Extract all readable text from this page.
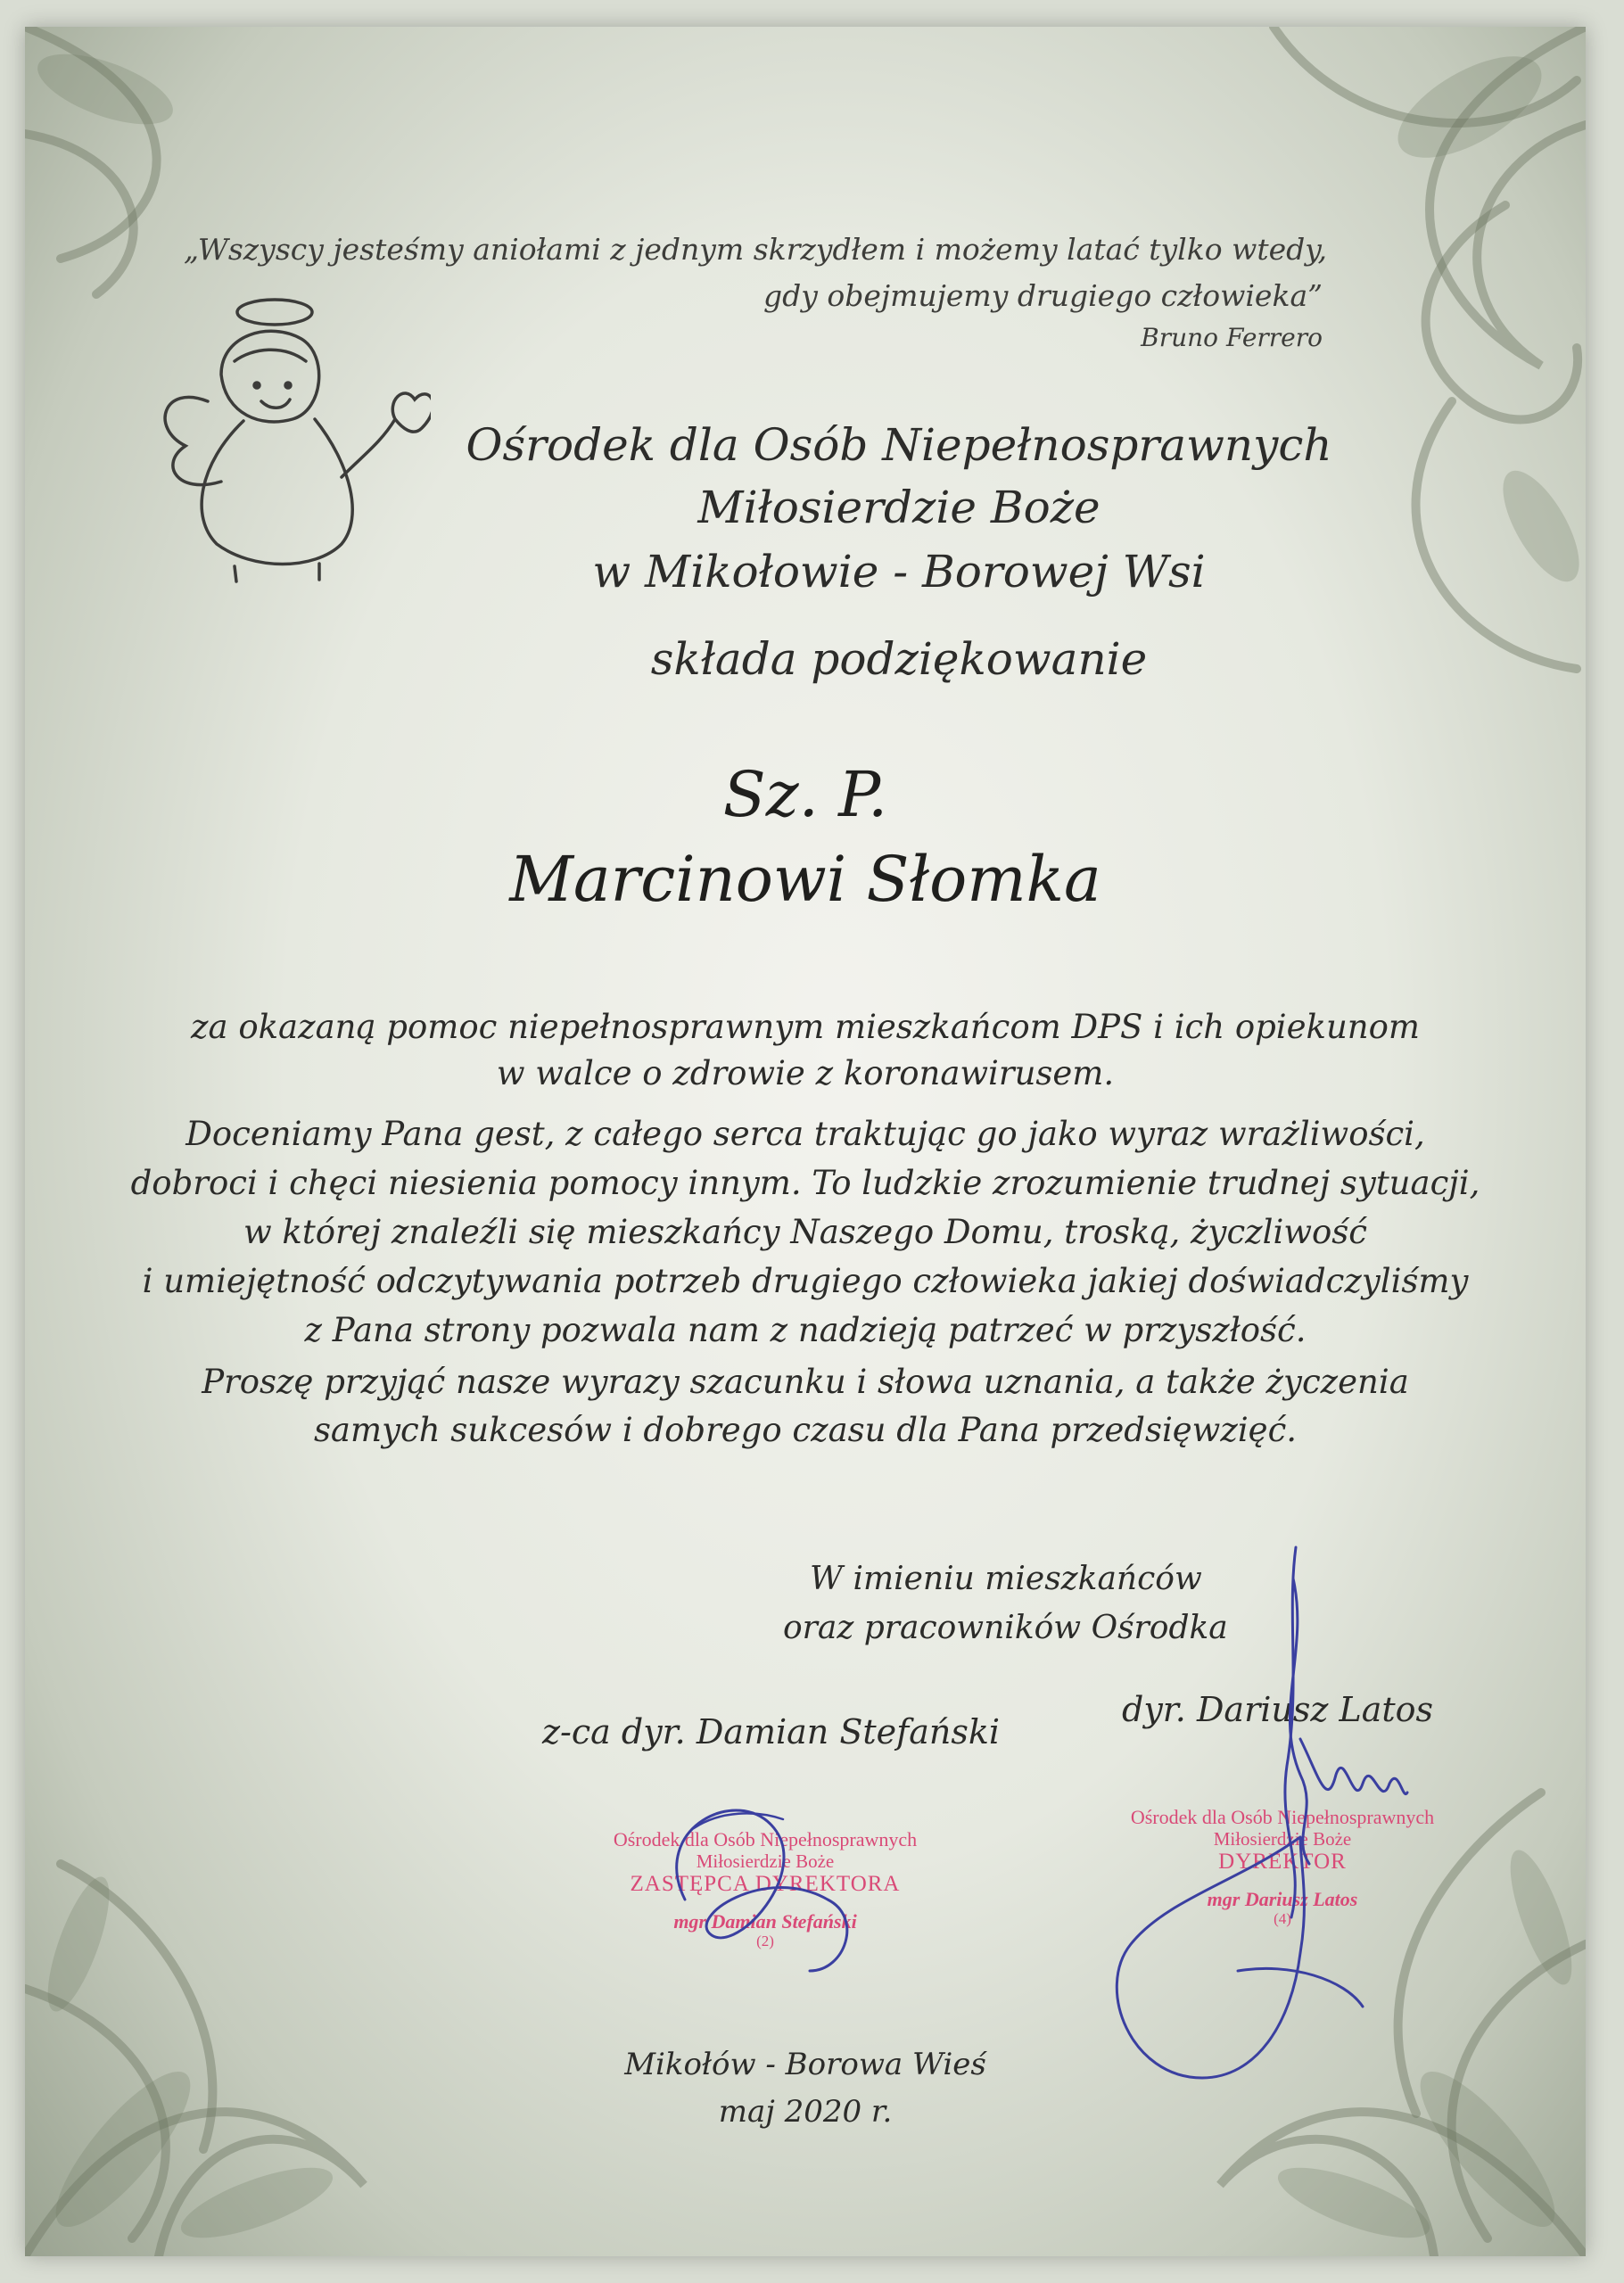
„Wszyscy jesteśmy aniołami z jednym skrzydłem i możemy latać tylko wtedy,
gdy obejmujemy drugiego człowieka”
Bruno Ferrero
Ośrodek dla Osób Niepełnosprawnych
Miłosierdzie Boże
w Mikołowie - Borowej Wsi
składa podziękowanie
Sz. P.
Marcinowi Słomka
za okazaną pomoc niepełnosprawnym mieszkańcom DPS i ich opiekunom
w walce o zdrowie z koronawirusem.
Doceniamy Pana gest, z całego serca traktując go jako wyraz wrażliwości,
dobroci i chęci niesienia pomocy innym. To ludzkie zrozumienie trudnej sytuacji,
w której znaleźli się mieszkańcy Naszego Domu, troską, życzliwość
i umiejętność odczytywania potrzeb drugiego człowieka jakiej doświadczyliśmy
z Pana strony pozwala nam z nadzieją patrzeć w przyszłość.
Proszę przyjąć nasze wyrazy szacunku i słowa uznania, a także życzenia
samych sukcesów i dobrego czasu dla Pana przedsięwzięć.
W imieniu mieszkańców
oraz pracowników Ośrodka
z-ca dyr. Damian Stefański
dyr. Dariusz Latos
Ośrodek dla Osób Niepełnosprawnych
Miłosierdzie Boże
ZASTĘPCA DYREKTORA
mgr Damian Stefański
(2)
Ośrodek dla Osób Niepełnosprawnych
Miłosierdzie Boże
DYREKTOR
mgr Dariusz Latos
(4)
Mikołów - Borowa Wieś
maj 2020 r.
